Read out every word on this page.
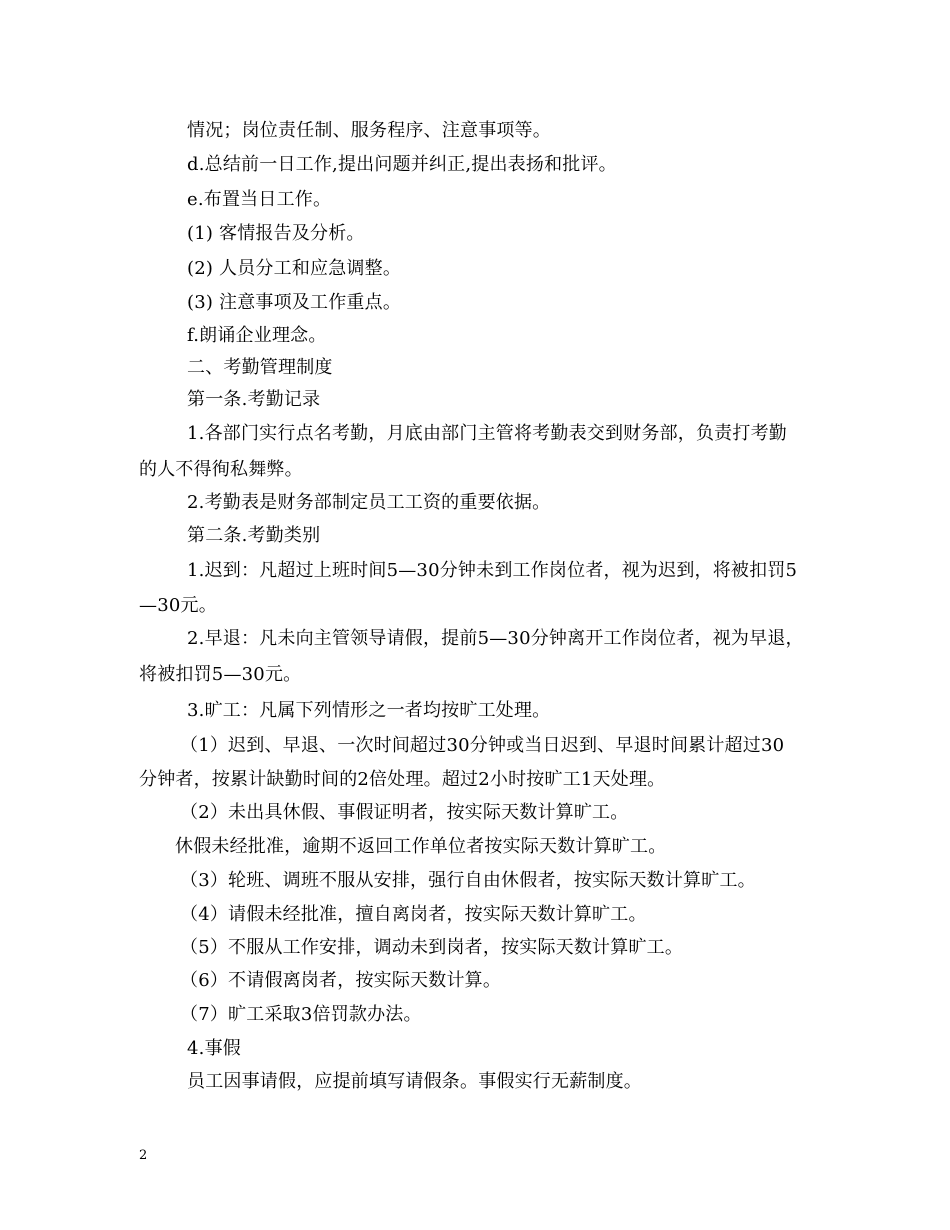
情况；岗位责任制、服务程序、注意事项等。
d.总结前一日工作,提出问题并纠正,提出表扬和批评。
e.布置当日工作。
(1) 客情报告及分析。
(2) 人员分工和应急调整。
(3) 注意事项及工作重点。
f.朗诵企业理念。
二、考勤管理制度
第一条.考勤记录
1.各部门实行点名考勤，月底由部门主管将考勤表交到财务部，负责打考勤
的人不得徇私舞弊。
2.考勤表是财务部制定员工工资的重要依据。
第二条.考勤类别
1.迟到：凡超过上班时间5—30分钟未到工作岗位者，视为迟到，将被扣罚5
—30元。
2.早退：凡未向主管领导请假，提前5—30分钟离开工作岗位者，视为早退，
将被扣罚5—30元。
3.旷工：凡属下列情形之一者均按旷工处理。
（1）迟到、早退、一次时间超过30分钟或当日迟到、早退时间累计超过30
分钟者，按累计缺勤时间的2倍处理。超过2小时按旷工1天处理。
（2）未出具休假、事假证明者，按实际天数计算旷工。
休假未经批准，逾期不返回工作单位者按实际天数计算旷工。
（3）轮班、调班不服从安排，强行自由休假者，按实际天数计算旷工。
（4）请假未经批准，擅自离岗者，按实际天数计算旷工。
（5）不服从工作安排，调动未到岗者，按实际天数计算旷工。
（6）不请假离岗者，按实际天数计算。
（7）旷工采取3倍罚款办法。
4.事假
员工因事请假，应提前填写请假条。事假实行无薪制度。
2
